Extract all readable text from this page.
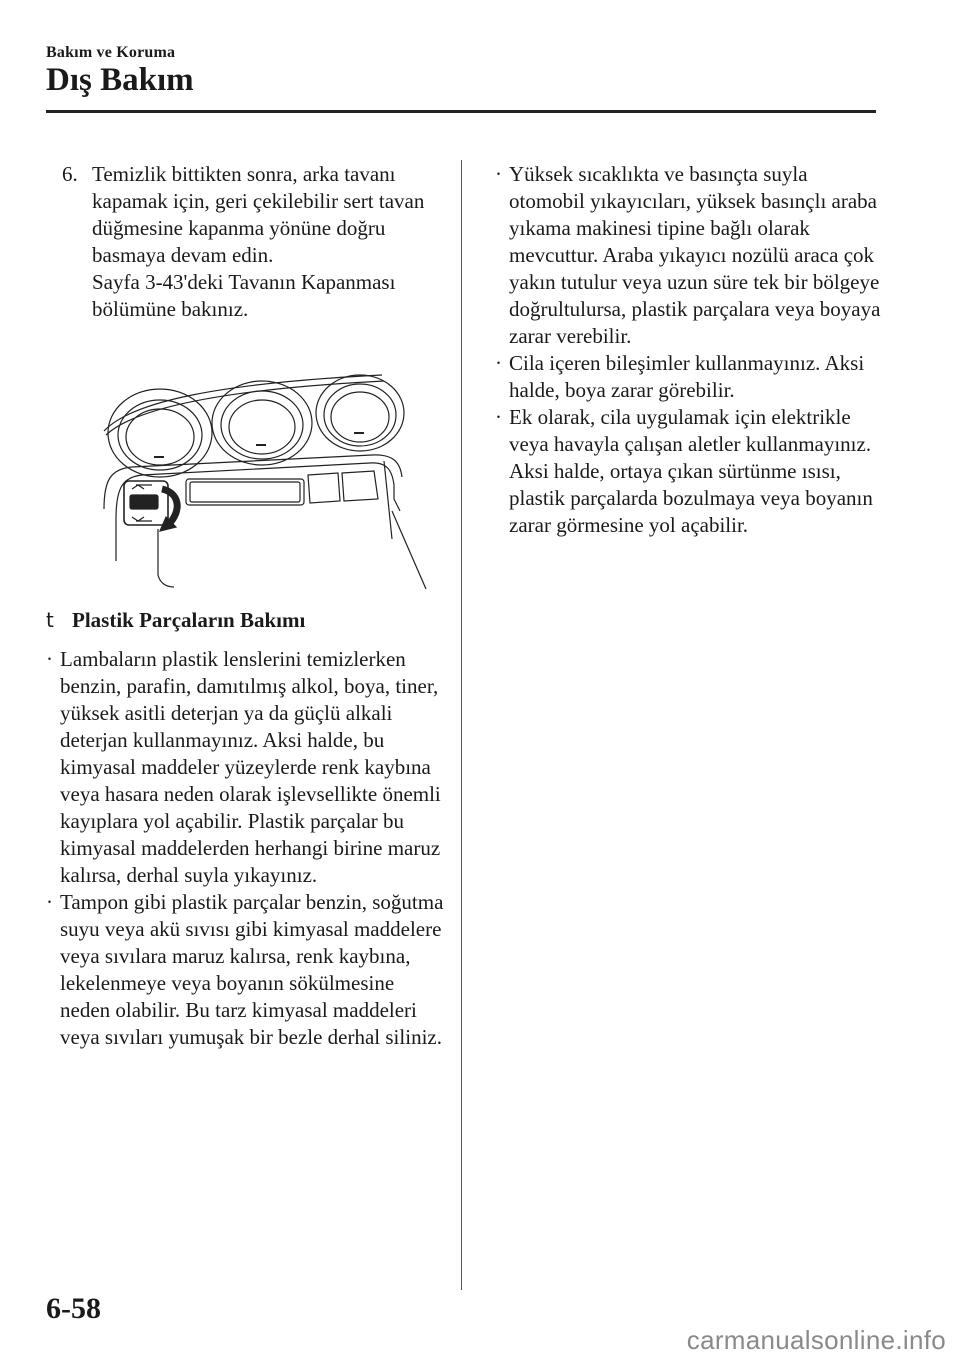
Bakım ve Koruma
Dış Bakım
6. Temizlik bittikten sonra, arka tavanı kapamak için, geri çekilebilir sert tavan düğmesine kapanma yönüne doğru basmaya devam edin.
Sayfa 3-43'deki Tavanın Kapanması bölümüne bakınız.
t Plastik Parçaların Bakımı
· Lambaların plastik lenslerini temizlerken benzin, parafin, damıtılmış alkol, boya, tiner, yüksek asitli deterjan ya da güçlü alkali deterjan kullanmayınız. Aksi halde, bu kimyasal maddeler yüzeylerde renk kaybına veya hasara neden olarak işlevsellikte önemli kayıplara yol açabilir. Plastik parçalar bu kimyasal maddelerden herhangi birine maruz kalırsa, derhal suyla yıkayınız.
· Tampon gibi plastik parçalar benzin, soğutma suyu veya akü sıvısı gibi kimyasal maddelere veya sıvılara maruz kalırsa, renk kaybına, lekelenmeye veya boyanın sökülmesine neden olabilir. Bu tarz kimyasal maddeleri veya sıvıları yumuşak bir bezle derhal siliniz.
· Yüksek sıcaklıkta ve basınçta suyla otomobil yıkayıcıları, yüksek basınçlı araba yıkama makinesi tipine bağlı olarak mevcuttur. Araba yıkayıcı nozülü araca çok yakın tutulur veya uzun süre tek bir bölgeye doğrultulursa, plastik parçalara veya boyaya zarar verebilir.
· Cila içeren bileşimler kullanmayınız. Aksi halde, boya zarar görebilir.
· Ek olarak, cila uygulamak için elektrikle veya havayla çalışan aletler kullanmayınız. Aksi halde, ortaya çıkan sürtünme ısısı, plastik parçalarda bozulmaya veya boyanın zarar görmesine yol açabilir.
6-58
carmanualsonline.info
